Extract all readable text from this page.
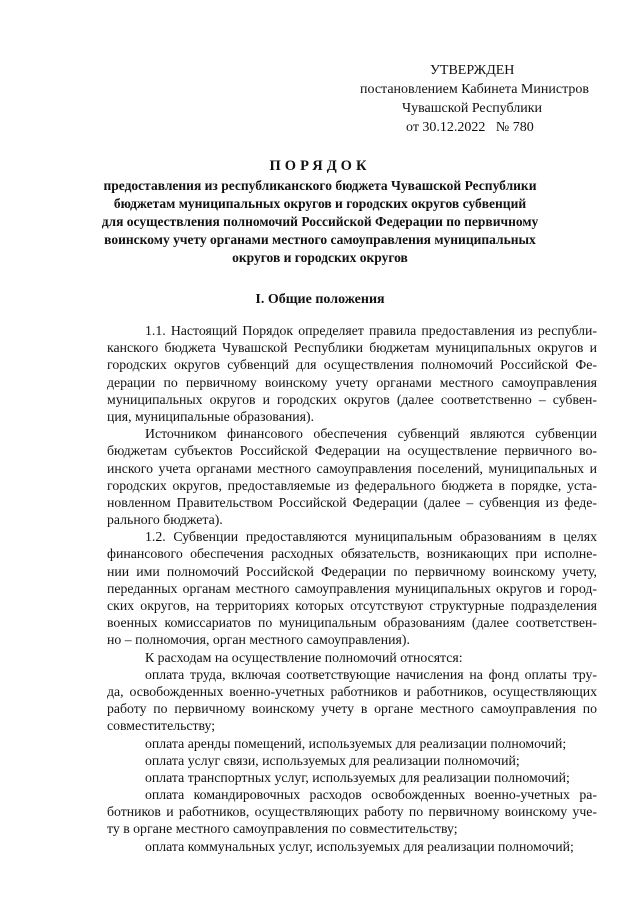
УТВЕРЖДЕН
постановлением Кабинета Министров
Чувашской Республики
от 30.12.2022   № 780
ПОРЯДОК
предоставления из республиканского бюджета Чувашской Республики
бюджетам муниципальных округов и городских округов субвенций
для осуществления полномочий Российской Федерации по первичному
воинскому учету органами местного самоуправления муниципальных
округов и городских округов
I. Общие положения
1.1. Настоящий Порядок определяет правила предоставления из республи-
канского бюджета Чувашской Республики бюджетам муниципальных округов и
городских округов субвенций для осуществления полномочий Российской Фе-
дерации по первичному воинскому учету органами местного самоуправления
муниципальных округов и городских округов (далее соответственно – субвен-
ция, муниципальные образования).
Источником финансового обеспечения субвенций являются субвенции
бюджетам субъектов Российской Федерации на осуществление первичного во-
инского учета органами местного самоуправления поселений, муниципальных и
городских округов, предоставляемые из федерального бюджета в порядке, уста-
новленном Правительством Российской Федерации (далее – субвенция из феде-
рального бюджета).
1.2. Субвенции предоставляются муниципальным образованиям в целях
финансового обеспечения расходных обязательств, возникающих при исполне-
нии ими полномочий Российской Федерации по первичному воинскому учету,
переданных органам местного самоуправления муниципальных округов и город-
ских округов, на территориях которых отсутствуют структурные подразделения
военных комиссариатов по муниципальным образованиям (далее соответствен-
но – полномочия, орган местного самоуправления).
К расходам на осуществление полномочий относятся:
оплата труда, включая соответствующие начисления на фонд оплаты тру-
да, освобожденных военно-учетных работников и работников, осуществляющих
работу по первичному воинскому учету в органе местного самоуправления по
совместительству;
оплата аренды помещений, используемых для реализации полномочий;
оплата услуг связи, используемых для реализации полномочий;
оплата транспортных услуг, используемых для реализации полномочий;
оплата командировочных расходов освобожденных военно-учетных ра-
ботников и работников, осуществляющих работу по первичному воинскому уче-
ту в органе местного самоуправления по совместительству;
оплата коммунальных услуг, используемых для реализации полномочий;
